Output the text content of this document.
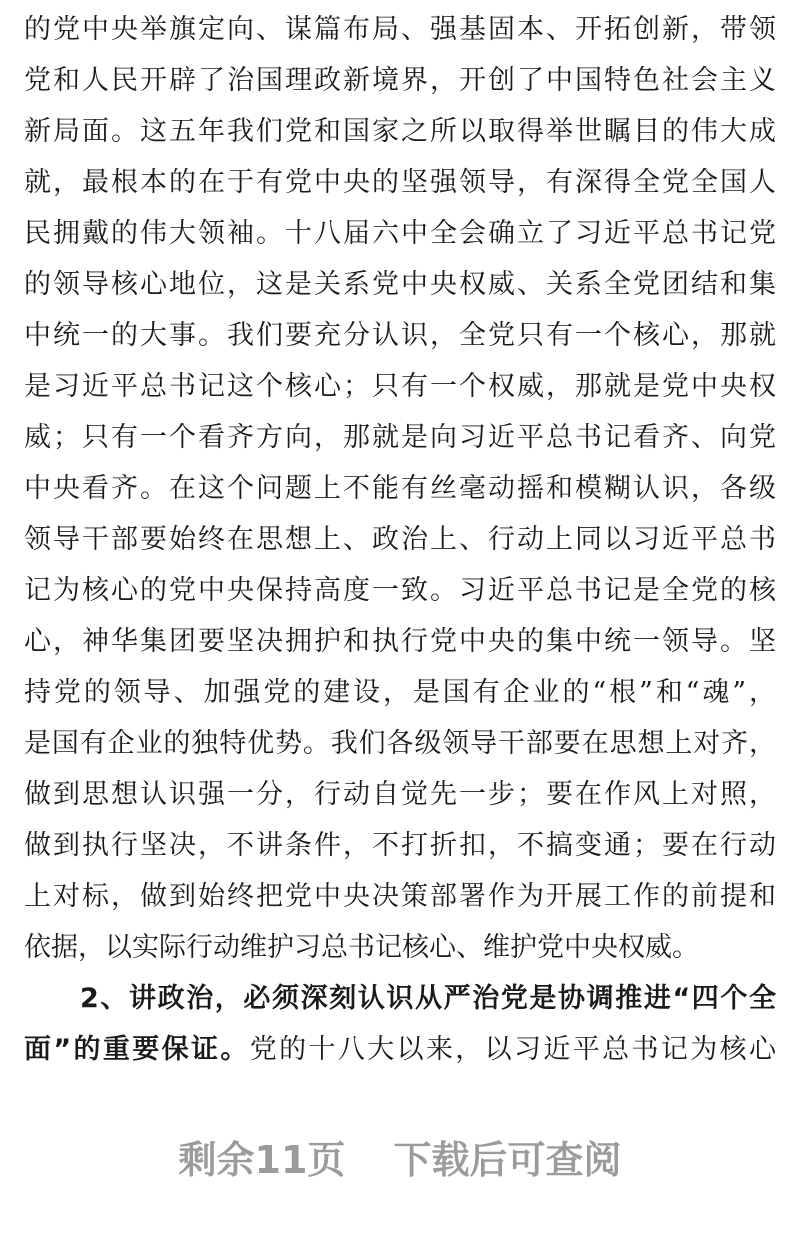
的党中央举旗定向、谋篇布局、强基固本、开拓创新，带领
党和人民开辟了治国理政新境界，开创了中国特色社会主义
新局面。这五年我们党和国家之所以取得举世瞩目的伟大成
就，最根本的在于有党中央的坚强领导，有深得全党全国人
民拥戴的伟大领袖。十八届六中全会确立了习近平总书记党
的领导核心地位，这是关系党中央权威、关系全党团结和集
中统一的大事。我们要充分认识，全党只有一个核心，那就
是习近平总书记这个核心；只有一个权威，那就是党中央权
威；只有一个看齐方向，那就是向习近平总书记看齐、向党
中央看齐。在这个问题上不能有丝毫动摇和模糊认识，各级
领导干部要始终在思想上、政治上、行动上同以习近平总书
记为核心的党中央保持高度一致。习近平总书记是全党的核
心，神华集团要坚决拥护和执行党中央的集中统一领导。坚
持党的领导、加强党的建设，是国有企业的“根”和“魂”，
是国有企业的独特优势。我们各级领导干部要在思想上对齐，
做到思想认识强一分，行动自觉先一步；要在作风上对照，
做到执行坚决，不讲条件，不打折扣，不搞变通；要在行动
上对标，做到始终把党中央决策部署作为开展工作的前提和
依据，以实际行动维护习总书记核心、维护党中央权威。
2、讲政治，必须深刻认识从严治党是协调推进“四个全
面”的重要保证。党的十八大以来，以习近平总书记为核心
剩余11页 下载后可查阅
